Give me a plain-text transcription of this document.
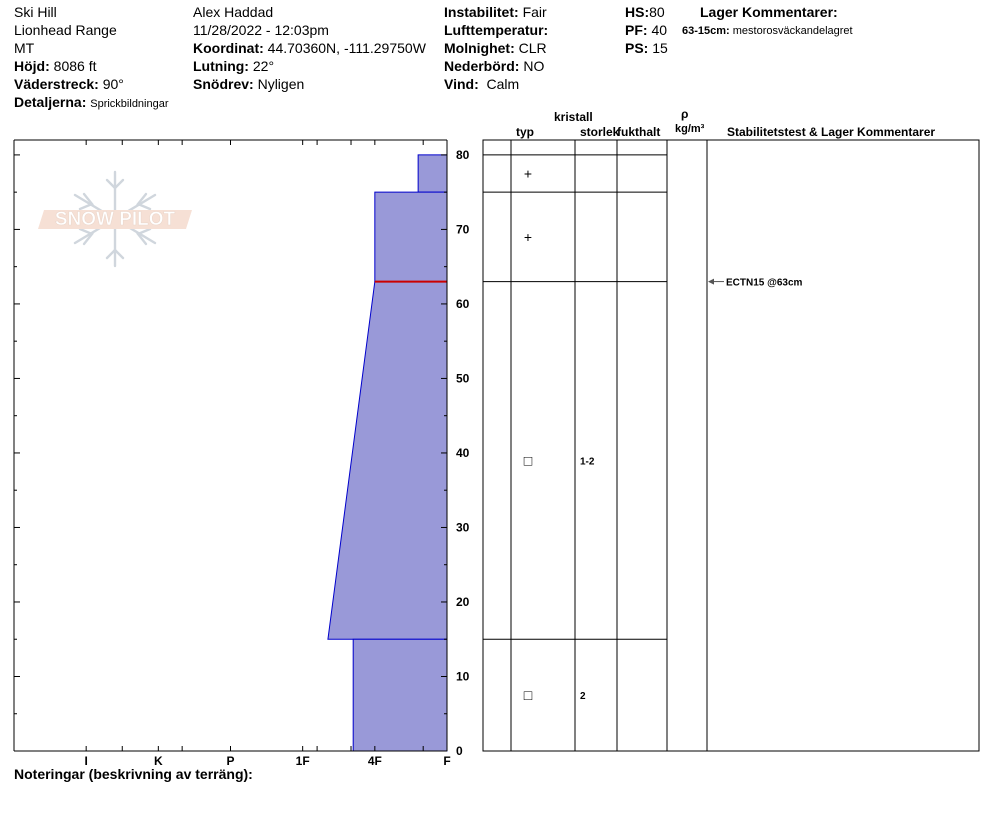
Ski Hill
Lionhead Range
MT
Höjd: 8086 ft
Väderstreck: 90°
Detaljerna: Sprickbildningar
Alex Haddad
11/28/2022 - 12:03pm
Koordinat: 44.70360N, -111.29750W
Lutning: 22°
Snödrev: Nyligen
Instabilitet: Fair
Lufttemperatur:
Molnighet: CLR
Nederbörd: NO
Vind: Calm
HS:80
PF: 40
PS: 15
Lager Kommentarer:
63-15cm: mestorosväckandelagret
kristall
typ	storlek
fukthalt
ρ
kg/m³ Stabilitetstest & Lager Kommentarer
SNOW PILOT
0
10
20
30
40
50
60
70
80
I	K	P	1F	4F	F
+
+
□	1-2
□	2
ECTN15 @63cm
Noteringar (beskrivning av terräng):
